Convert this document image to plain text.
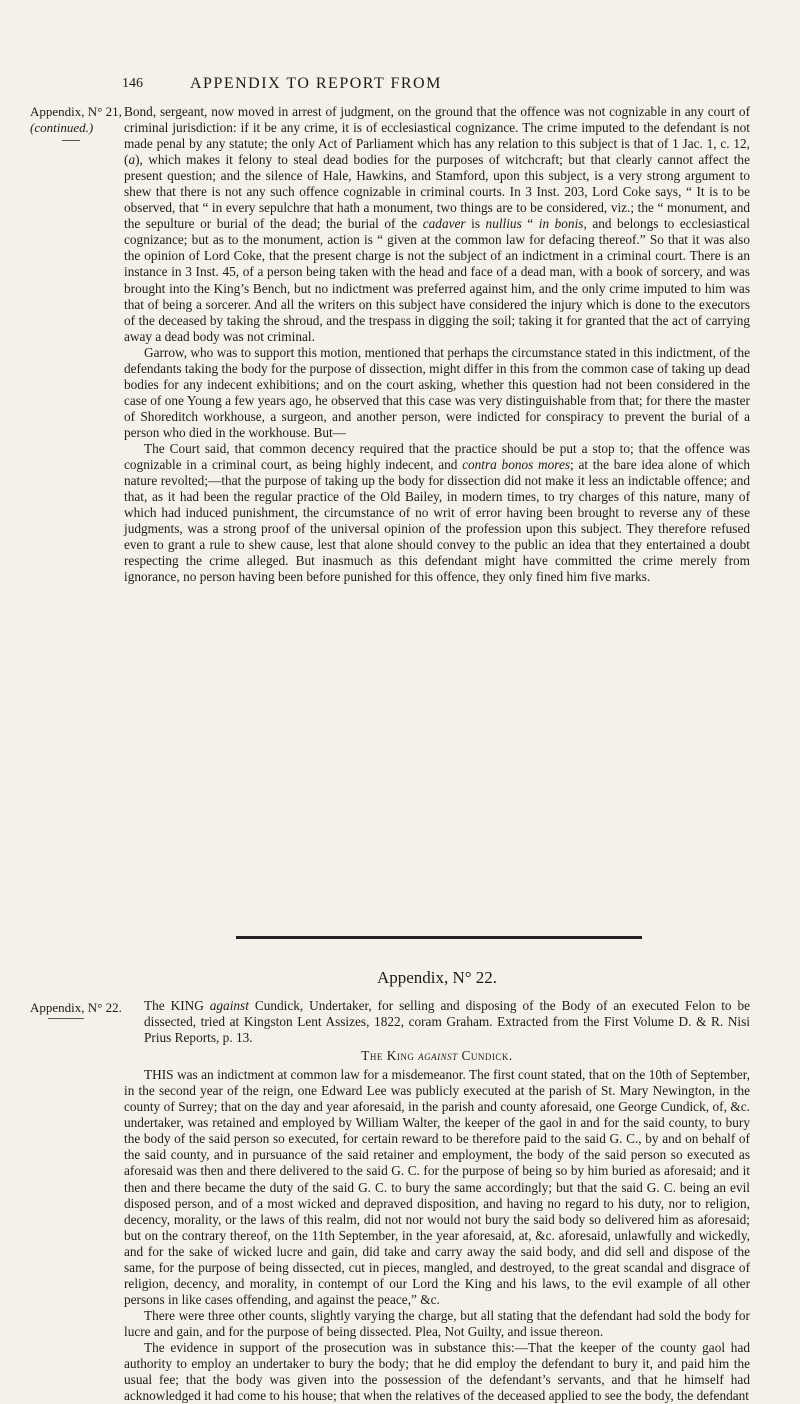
146	APPENDIX TO REPORT FROM
Appendix, N° 21,
(continued.)

Bond, sergeant, now moved in arrest of judgment, on the ground that the offence was not cognizable in any court of criminal jurisdiction: if it be any crime, it is of ecclesiastical cognizance. The crime imputed to the defendant is not made penal by any statute; the only Act of Parliament which has any relation to this subject is that of 1 Jac. 1, c. 12, (a), which makes it felony to steal dead bodies for the purposes of witchcraft; but that clearly cannot affect the present question; and the silence of Hale, Hawkins, and Stamford, upon this subject, is a very strong argument to shew that there is not any such offence cognizable in criminal courts. In 3 Inst. 203, Lord Coke says, “ It is to be observed, that “ in every sepulchre that hath a monument, two things are to be considered, viz.; the “ monument, and the sepulture or burial of the dead; the burial of the cadaver is nullius “ in bonis, and belongs to ecclesiastical cognizance; but as to the monument, action is “ given at the common law for defacing thereof.” So that it was also the opinion of Lord Coke, that the present charge is not the subject of an indictment in a criminal court. There is an instance in 3 Inst. 45, of a person being taken with the head and face of a dead man, with a book of sorcery, and was brought into the King’s Bench, but no indictment was preferred against him, and the only crime imputed to him was that of being a sorcerer. And all the writers on this subject have considered the injury which is done to the executors of the deceased by taking the shroud, and the trespass in digging the soil; taking it for granted that the act of carrying away a dead body was not criminal.

Garrow, who was to support this motion, mentioned that perhaps the circumstance stated in this indictment, of the defendants taking the body for the purpose of dissection, might differ in this from the common case of taking up dead bodies for any indecent exhibitions; and on the court asking, whether this question had not been considered in the case of one Young a few years ago, he observed that this case was very distinguishable from that; for there the master of Shoreditch workhouse, a surgeon, and another person, were indicted for conspiracy to prevent the burial of a person who died in the workhouse. But—

The Court said, that common decency required that the practice should be put a stop to; that the offence was cognizable in a criminal court, as being highly indecent, and contra bonos mores; at the bare idea alone of which nature revolted;—that the purpose of taking up the body for dissection did not make it less an indictable offence; and that, as it had been the regular practice of the Old Bailey, in modern times, to try charges of this nature, many of which had induced punishment, the circumstance of no writ of error having been brought to reverse any of these judgments, was a strong proof of the universal opinion of the profession upon this subject. They therefore refused even to grant a rule to shew cause, lest that alone should convey to the public an idea that they entertained a doubt respecting the crime alleged. But inasmuch as this defendant might have committed the crime merely from ignorance, no person having been before punished for this offence, they only fined him five marks.

Appendix, N° 22.
Appendix, N° 22.	The KING against Cundick, Undertaker, for selling and disposing of the Body of an executed Felon to be dissected, tried at Kingston Lent Assizes, 1822, coram Graham. Extracted from the First Volume D. & R. Nisi Prius Reports, p. 13.

The King against Cundick.

THIS was an indictment at common law for a misdemeanor. The first count stated, that on the 10th of September, in the second year of the reign, one Edward Lee was publicly executed at the parish of St. Mary Newington, in the county of Surrey; that on the day and year aforesaid, in the parish and county aforesaid, one George Cundick, of, &c. undertaker, was retained and employed by William Walter, the keeper of the gaol in and for the said county, to bury the body of the said person so executed, for certain reward to be therefore paid to the said G. C., by and on behalf of the said county, and in pursuance of the said retainer and employment, the body of the said person so executed as aforesaid was then and there delivered to the said G. C. for the purpose of being so by him buried as aforesaid; and it then and there became the duty of the said G. C. to bury the same accordingly; but that the said G. C. being an evil disposed person, and of a most wicked and depraved disposition, and having no regard to his duty, nor to religion, decency, morality, or the laws of this realm, did not nor would not bury the said body so delivered him as aforesaid; but on the contrary thereof, on the 11th September, in the year aforesaid, at, &c. aforesaid, unlawfully and wickedly, and for the sake of wicked lucre and gain, did take and carry away the said body, and did sell and dispose of the same, for the purpose of being dissected, cut in pieces, mangled, and destroyed, to the great scandal and disgrace of religion, decency, and morality, in contempt of our Lord the King and his laws, to the evil example of all other persons in like cases offending, and against the peace,” &c.

There were three other counts, slightly varying the charge, but all stating that the defendant had sold the body for lucre and gain, and for the purpose of being dissected. Plea, Not Guilty, and issue thereon.

The evidence in support of the prosecution was in substance this:—That the keeper of the county gaol had authority to employ an undertaker to bury the body; that he did employ the defendant to bury it, and paid him the usual fee; that the body was given into the possession of the defendant’s servants, and that he himself had acknowledged it had come to his house; that when the relatives of the deceased applied to see the body, the defendant
